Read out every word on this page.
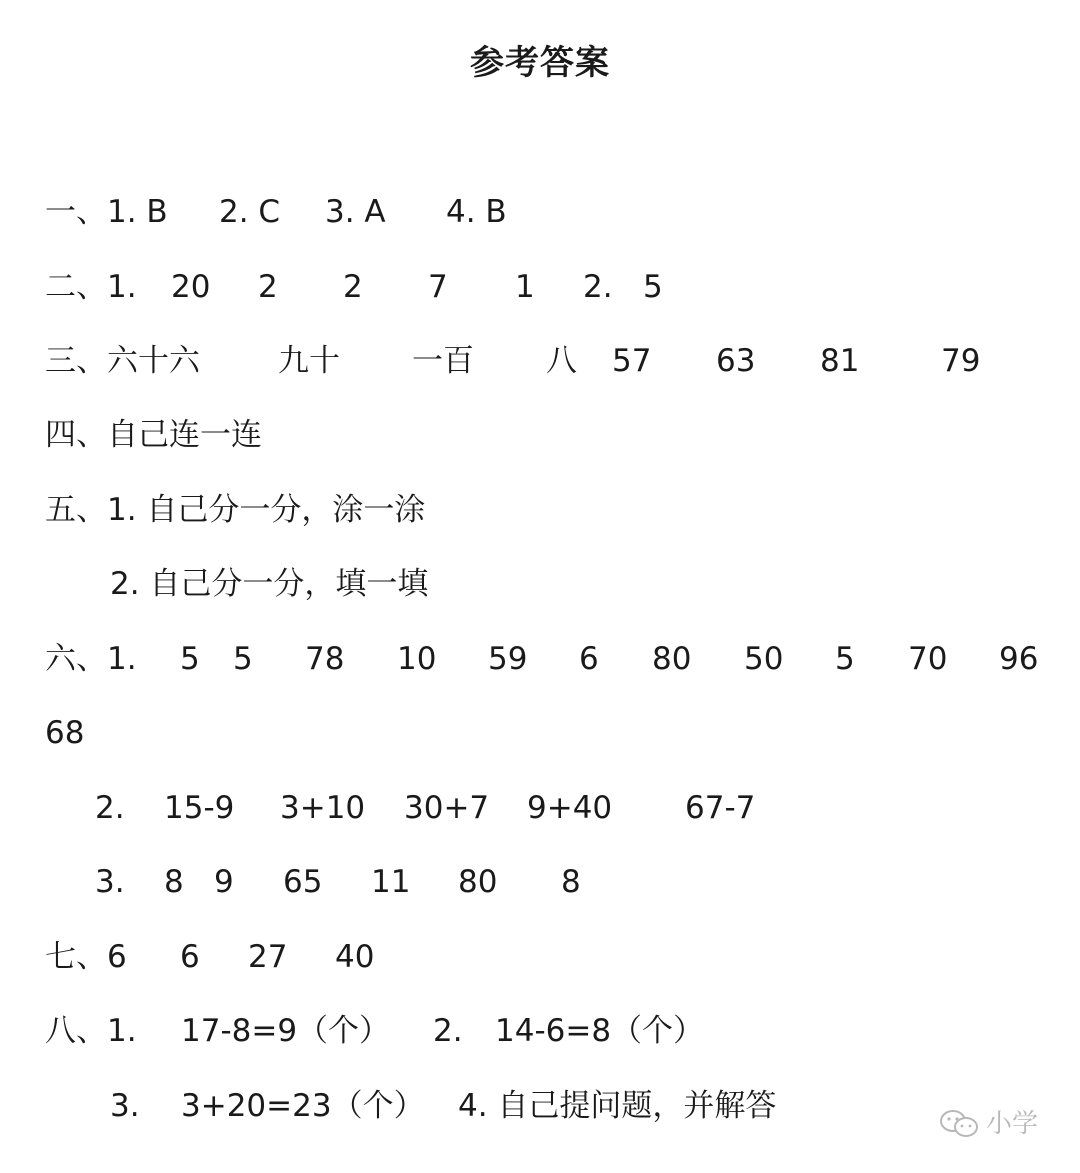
参考答案
一、1. B 2. C 3. A 4. B
二、1. 20 2 2 7 1 2. 5
三、六十六	九十 一百 八 57 63 81	79
四、自己连一连
五、1. 自己分一分，涂一涂
2. 自己分一分，填一填
六、1. 5 5 78 10 59 6 80 50 5 70 96
68
2. 15-9 3+10 30+7 9+40 67-7
3. 8 9 65 11 80 8
七、6 6 27 40
八、1. 17-8=9（个） 2. 14-6=8（个）
3. 3+20=23（个） 4. 自己提问题，并解答	小学
